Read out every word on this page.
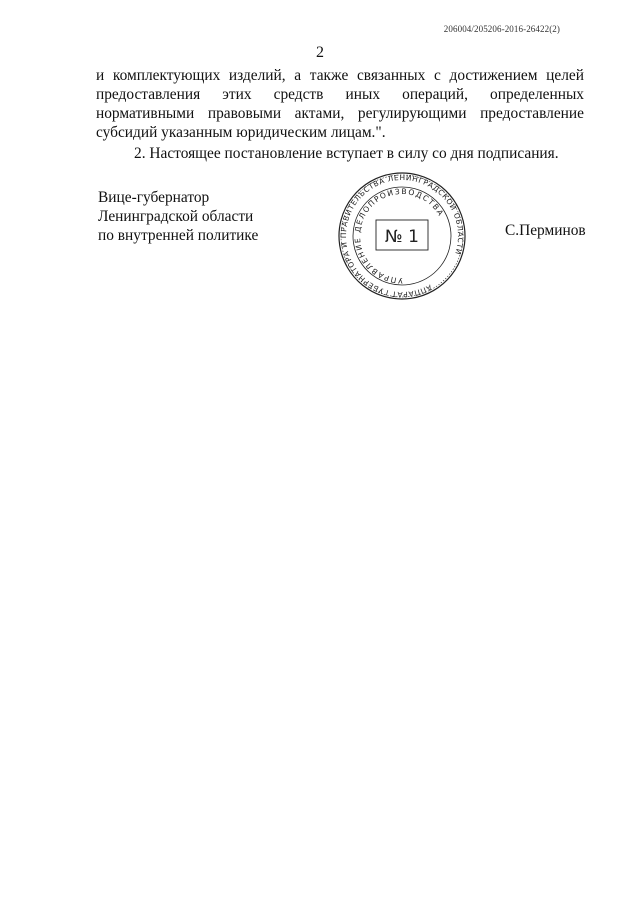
206004/205206-2016-26422(2)
2

и комплектующих изделий, а также связанных с достижением целей предоставления этих средств иных операций, определенных нормативными правовыми актами, регулирующими предоставление субсидий указанным юридическим лицам.".

2. Настоящее постановление вступает в силу со дня подписания.

Вице-губернатор
Ленинградской области
по внутренней политике
АППАРАТ ГУБЕРНАТОРА И ПРАВИТЕЛЬСТВА ЛЕНИНГРАДСКОЙ ОБЛАСТИ
УПРАВЛЕНИЕ ДЕЛОПРОИЗВОДСТВА
№ 1	С.Перминов
